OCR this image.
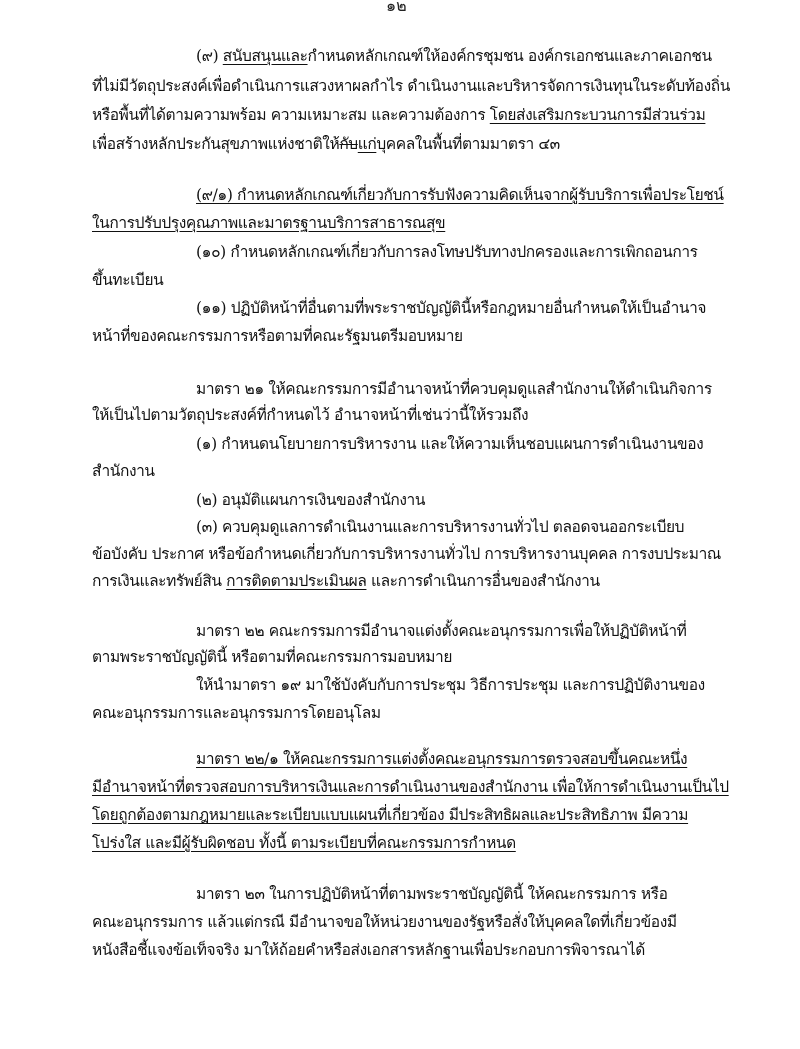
๑๒
(๙) สนับสนุนและกำหนดหลักเกณฑ์ให้องค์กรชุมชน องค์กรเอกชนและภาคเอกชน
ที่ไม่มีวัตถุประสงค์เพื่อดำเนินการแสวงหาผลกำไร ดำเนินงานและบริหารจัดการเงินทุนในระดับท้องถิ่น
หรือพื้นที่ได้ตามความพร้อม ความเหมาะสม และความต้องการ โดยส่งเสริมกระบวนการมีส่วนร่วม
เพื่อสร้างหลักประกันสุขภาพแห่งชาติให้กับแก่บุคคลในพื้นที่ตามมาตรา ๔๓
(๙/๑) กำหนดหลักเกณฑ์เกี่ยวกับการรับฟังความคิดเห็นจากผู้รับบริการเพื่อประโยชน์
ในการปรับปรุงคุณภาพและมาตรฐานบริการสาธารณสุข
(๑๐) กำหนดหลักเกณฑ์เกี่ยวกับการลงโทษปรับทางปกครองและการเพิกถอนการ
ขึ้นทะเบียน
(๑๑) ปฏิบัติหน้าที่อื่นตามที่พระราชบัญญัตินี้หรือกฎหมายอื่นกำหนดให้เป็นอำนาจ
หน้าที่ของคณะกรรมการหรือตามที่คณะรัฐมนตรีมอบหมาย
มาตรา ๒๑ ให้คณะกรรมการมีอำนาจหน้าที่ควบคุมดูแลสำนักงานให้ดำเนินกิจการ
ให้เป็นไปตามวัตถุประสงค์ที่กำหนดไว้ อำนาจหน้าที่เช่นว่านี้ให้รวมถึง
(๑) กำหนดนโยบายการบริหารงาน และให้ความเห็นชอบแผนการดำเนินงานของ
สำนักงาน
(๒) อนุมัติแผนการเงินของสำนักงาน
(๓) ควบคุมดูแลการดำเนินงานและการบริหารงานทั่วไป ตลอดจนออกระเบียบ
ข้อบังคับ ประกาศ หรือข้อกำหนดเกี่ยวกับการบริหารงานทั่วไป การบริหารงานบุคคล การงบประมาณ
การเงินและทรัพย์สิน การติดตามประเมินผล และการดำเนินการอื่นของสำนักงาน
มาตรา ๒๒ คณะกรรมการมีอำนาจแต่งตั้งคณะอนุกรรมการเพื่อให้ปฏิบัติหน้าที่
ตามพระราชบัญญัตินี้ หรือตามที่คณะกรรมการมอบหมาย
ให้นำมาตรา ๑๙ มาใช้บังคับกับการประชุม วิธีการประชุม และการปฏิบัติงานของ
คณะอนุกรรมการและอนุกรรมการโดยอนุโลม
มาตรา ๒๒/๑ ให้คณะกรรมการแต่งตั้งคณะอนุกรรมการตรวจสอบขึ้นคณะหนึ่ง
มีอำนาจหน้าที่ตรวจสอบการบริหารเงินและการดำเนินงานของสำนักงาน เพื่อให้การดำเนินงานเป็นไป
โดยถูกต้องตามกฎหมายและระเบียบแบบแผนที่เกี่ยวข้อง มีประสิทธิผลและประสิทธิภาพ มีความ
โปร่งใส และมีผู้รับผิดชอบ ทั้งนี้ ตามระเบียบที่คณะกรรมการกำหนด
มาตรา ๒๓ ในการปฏิบัติหน้าที่ตามพระราชบัญญัตินี้ ให้คณะกรรมการ หรือ
คณะอนุกรรมการ แล้วแต่กรณี มีอำนาจขอให้หน่วยงานของรัฐหรือสั่งให้บุคคลใดที่เกี่ยวข้องมี
หนังสือชี้แจงข้อเท็จจริง มาให้ถ้อยคำหรือส่งเอกสารหลักฐานเพื่อประกอบการพิจารณาได้
